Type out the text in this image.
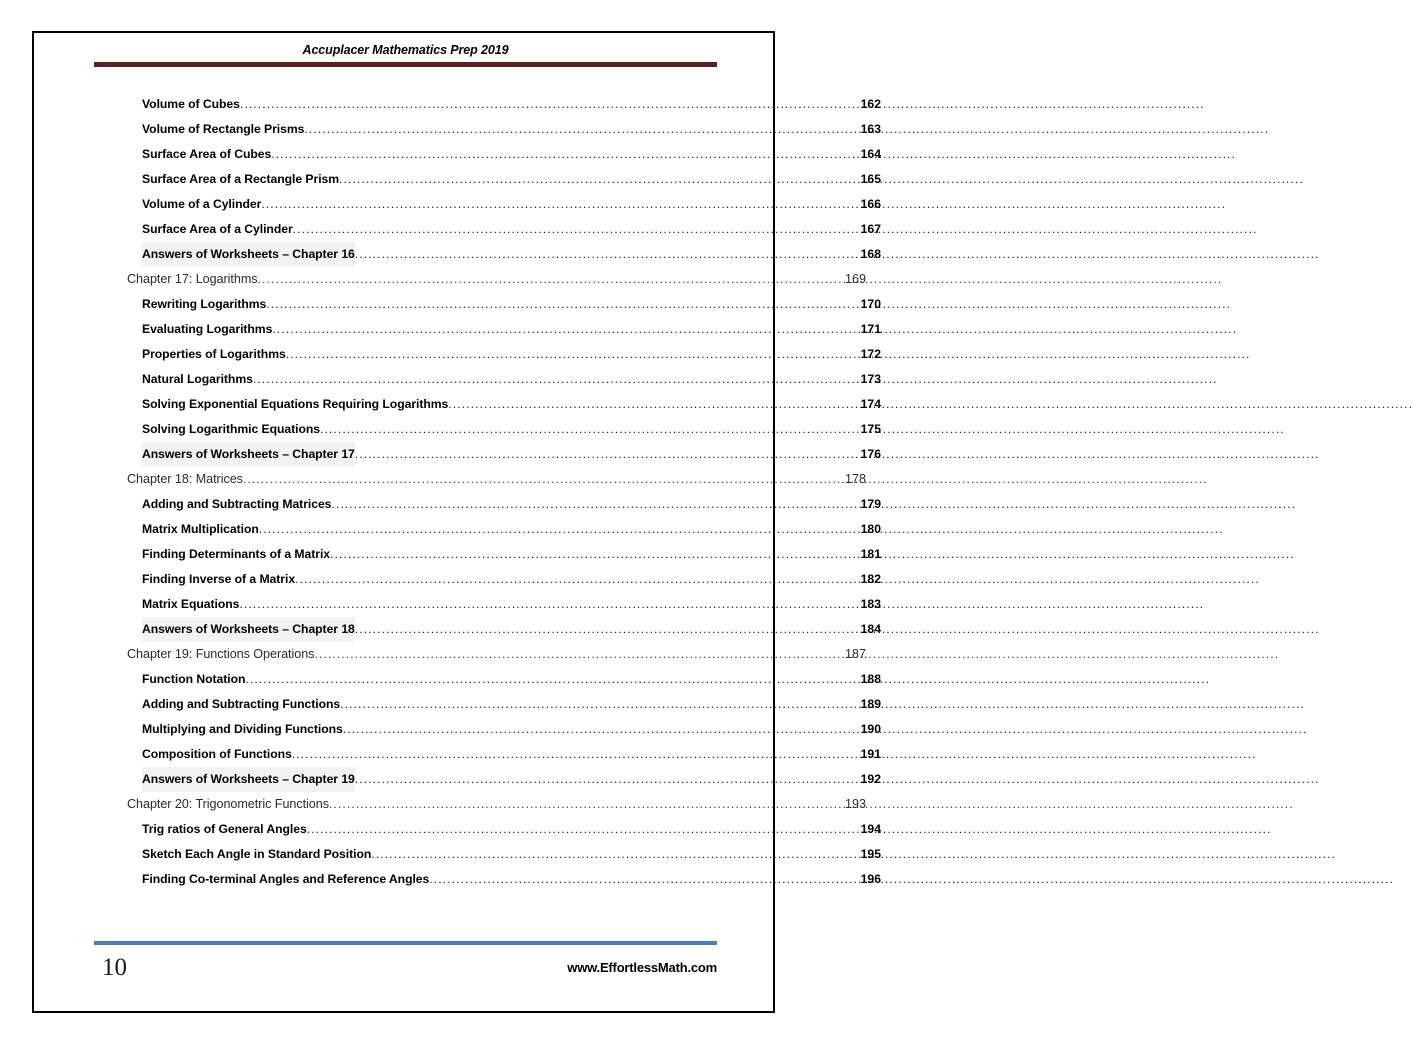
Accuplacer Mathematics Prep 2019
Volume of Cubes .....	162
Volume of Rectangle Prisms .....	163
Surface Area of Cubes .....	164
Surface Area of a Rectangle Prism .....	165
Volume of a Cylinder .....	166
Surface Area of a Cylinder .....	167
Answers of Worksheets – Chapter 16 .....	168
Chapter 17: Logarithms .....	169
Rewriting Logarithms .....	170
Evaluating Logarithms .....	171
Properties of Logarithms .....	172
Natural Logarithms .....	173
Solving Exponential Equations Requiring Logarithms .....	174
Solving Logarithmic Equations .....	175
Answers of Worksheets – Chapter 17 .....	176
Chapter 18: Matrices .....	178
Adding and Subtracting Matrices .....	179
Matrix Multiplication .....	180
Finding Determinants of a Matrix .....	181
Finding Inverse of a Matrix .....	182
Matrix Equations .....	183
Answers of Worksheets – Chapter 18 .....	184
Chapter 19: Functions Operations .....	187
Function Notation .....	188
Adding and Subtracting Functions .....	189
Multiplying and Dividing Functions .....	190
Composition of Functions .....	191
Answers of Worksheets – Chapter 19 .....	192
Chapter 20: Trigonometric Functions .....	193
Trig ratios of General Angles .....	194
Sketch Each Angle in Standard Position .....	195
Finding Co-terminal Angles and Reference Angles .....	196
10	www.EffortlessMath.com
